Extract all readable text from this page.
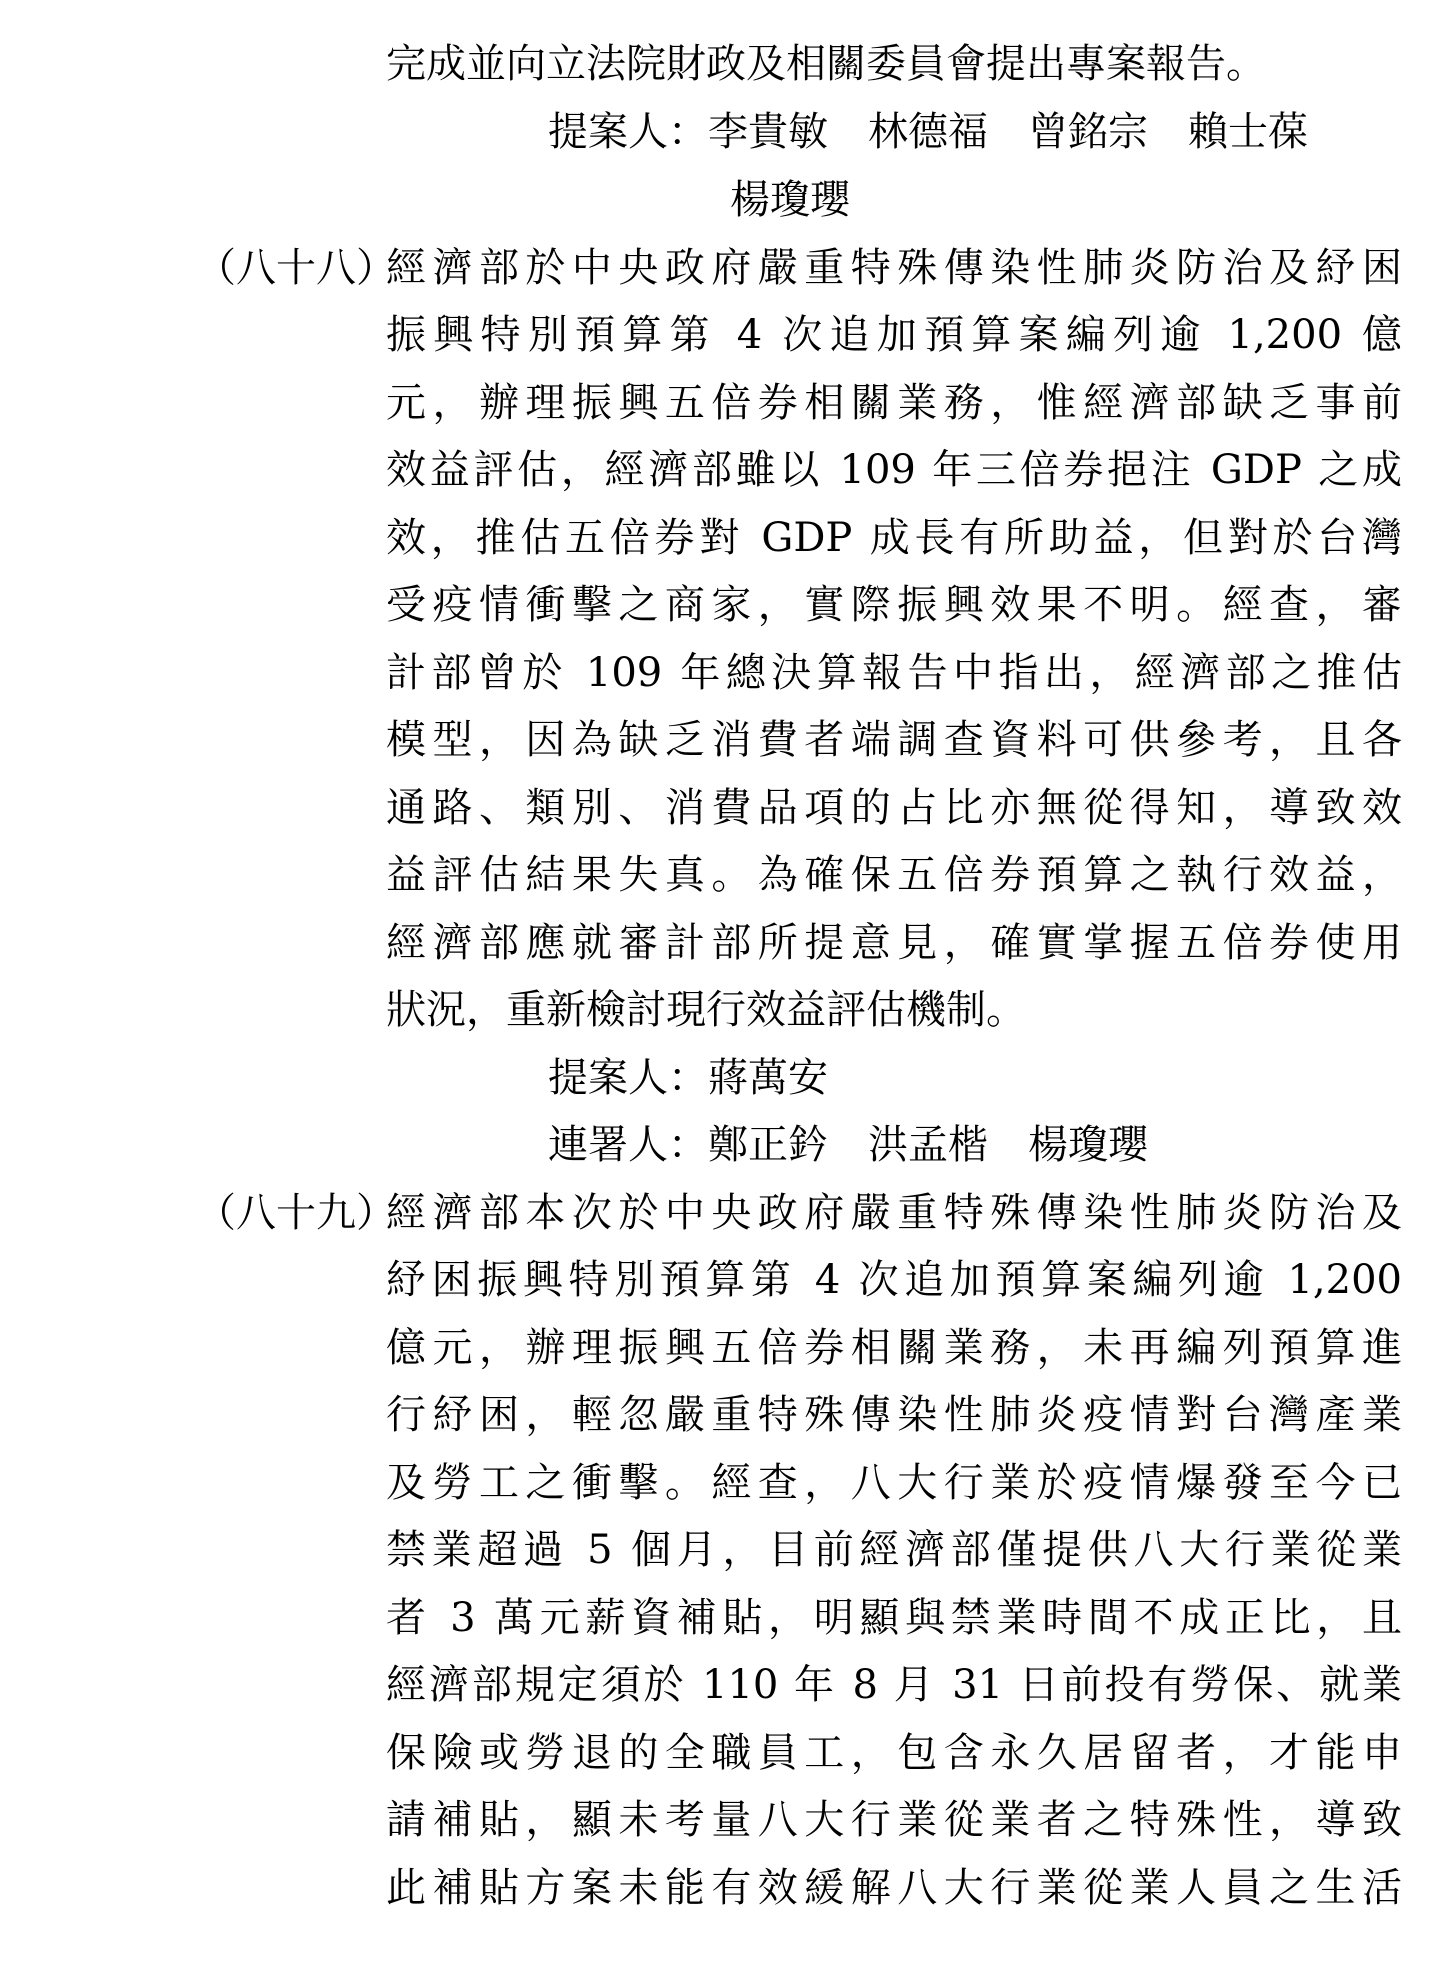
完成並向立法院財政及相關委員會提出專案報告。
提案人：李貴敏　林德福　曾銘宗　賴士葆
楊瓊瓔
（八十八）
經濟部於中央政府嚴重特殊傳染性肺炎防治及紓困
振興特別預算第 4 次追加預算案編列逾 1,200 億
元，辦理振興五倍券相關業務，惟經濟部缺乏事前
效益評估，經濟部雖以 109 年三倍券挹注 GDP 之成
效，推估五倍券對 GDP 成長有所助益，但對於台灣
受疫情衝擊之商家，實際振興效果不明。經查，審
計部曾於 109 年總決算報告中指出，經濟部之推估
模型，因為缺乏消費者端調查資料可供參考，且各
通路、類別、消費品項的占比亦無從得知，導致效
益評估結果失真。為確保五倍券預算之執行效益，
經濟部應就審計部所提意見，確實掌握五倍券使用
狀況，重新檢討現行效益評估機制。
提案人：蔣萬安
連署人：鄭正鈐　洪孟楷　楊瓊瓔
（八十九）
經濟部本次於中央政府嚴重特殊傳染性肺炎防治及
紓困振興特別預算第 4 次追加預算案編列逾 1,200
億元，辦理振興五倍券相關業務，未再編列預算進
行紓困，輕忽嚴重特殊傳染性肺炎疫情對台灣產業
及勞工之衝擊。經查，八大行業於疫情爆發至今已
禁業超過 5 個月，目前經濟部僅提供八大行業從業
者 3 萬元薪資補貼，明顯與禁業時間不成正比，且
經濟部規定須於 110 年 8 月 31 日前投有勞保、就業
保險或勞退的全職員工，包含永久居留者，才能申
請補貼，顯未考量八大行業從業者之特殊性，導致
此補貼方案未能有效緩解八大行業從業人員之生活
